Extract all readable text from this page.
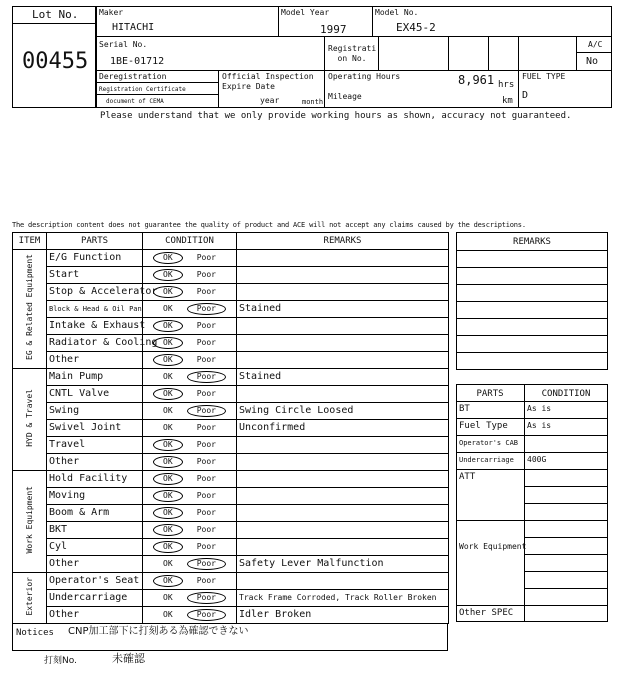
Lot No.
00455
Maker
HITACHI
Model Year
1997
Model No.
EX45-2
Serial No.
1BE-01712
Registrati on No.
A/C
No
Deregistration
Registration Certificate
document of CEMA
Official Inspection Expire Date
year	month
Operating Hours	8,961 hrs
Mileage	km
FUEL TYPE
D
Please understand that we only provide working hours as shown, accuracy not guaranteed.
The description content does not guarantee the quality of product and ACE will not accept any claims caused by the descriptions.
ITEM	PARTS	CONDITION	REMARKS
EG & Related Equipment	E/G Function	OK Poor	
	Start	OK Poor	
	Stop & Accelerator	OK Poor	
	Block & Head & Oil Pan	OK Poor	Stained
	Intake & Exhaust	OK Poor	
	Radiator & Cooling	OK Poor	
	Other	OK Poor	
HYD & Travel	Main Pump	OK Poor	Stained
	CNTL Valve	OK Poor	
	Swing	OK Poor	Swing Circle Loosed
	Swivel Joint	OK Poor	Unconfirmed
	Travel	OK Poor	
	Other	OK Poor	
Work Equipment	Hold Facility	OK Poor	
	Moving	OK Poor	
	Boom & Arm	OK Poor	
	BKT	OK Poor	
	Cyl	OK Poor	
	Other	OK Poor	Safety Lever Malfunction
Exterior	Operator's Seat	OK Poor	
	Undercarriage	OK Poor	Track Frame Corroded, Track Roller Broken
	Other	OK Poor	Idler Broken
Notices CNP加工部下に打刻ある為確認できない
打刻No.	未確認
REMARKS

PARTS	CONDITION
BT	As is
Fuel Type As is
Operator's CAB
Undercarriage 400G
ATT
Work Equipment
Other SPEC
